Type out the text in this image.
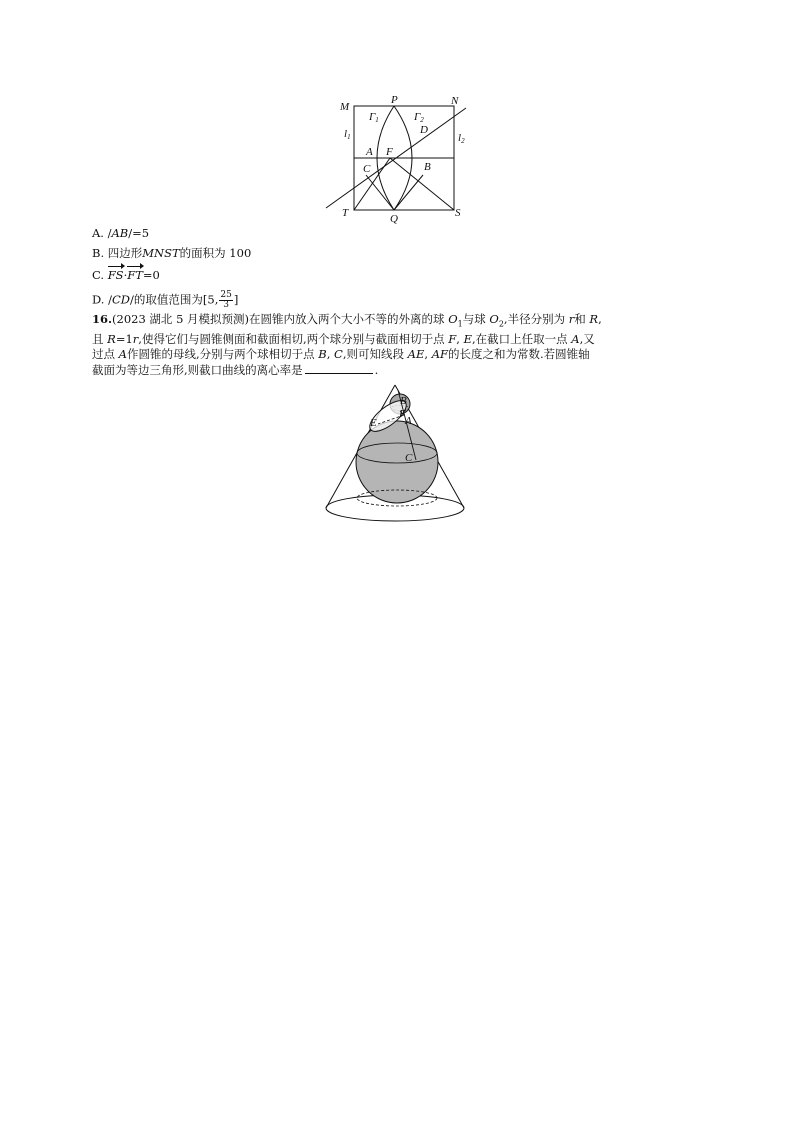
M
P	N
Γ1	Γ2
D
l1	l2
A F
C	B
T	Q	S
A. /AB/=5
B. 四边形MNST的面积为 100
C. FS·FT=0
D. /CD/的取值范围为[5, $\frac{25}{3}$ ]
16.(2023 湖北 5 月模拟预测)在圆锥内放入两个大小不等的外离的球 $O_1$与球 $O_2$,半径分别为 r和 R,
且 R=1r,使得它们与圆锥侧面和截面相切,两个球分别与截面相切于点 F, E,在截口上任取一点 A,又
过点 A作圆锥的母线,分别与两个球相切于点 B, C,则可知线段 AE, AF的长度之和为常数.若圆锥轴
截面为等边三角形,则截口曲线的离心率是	.
B
F
E	A
C
